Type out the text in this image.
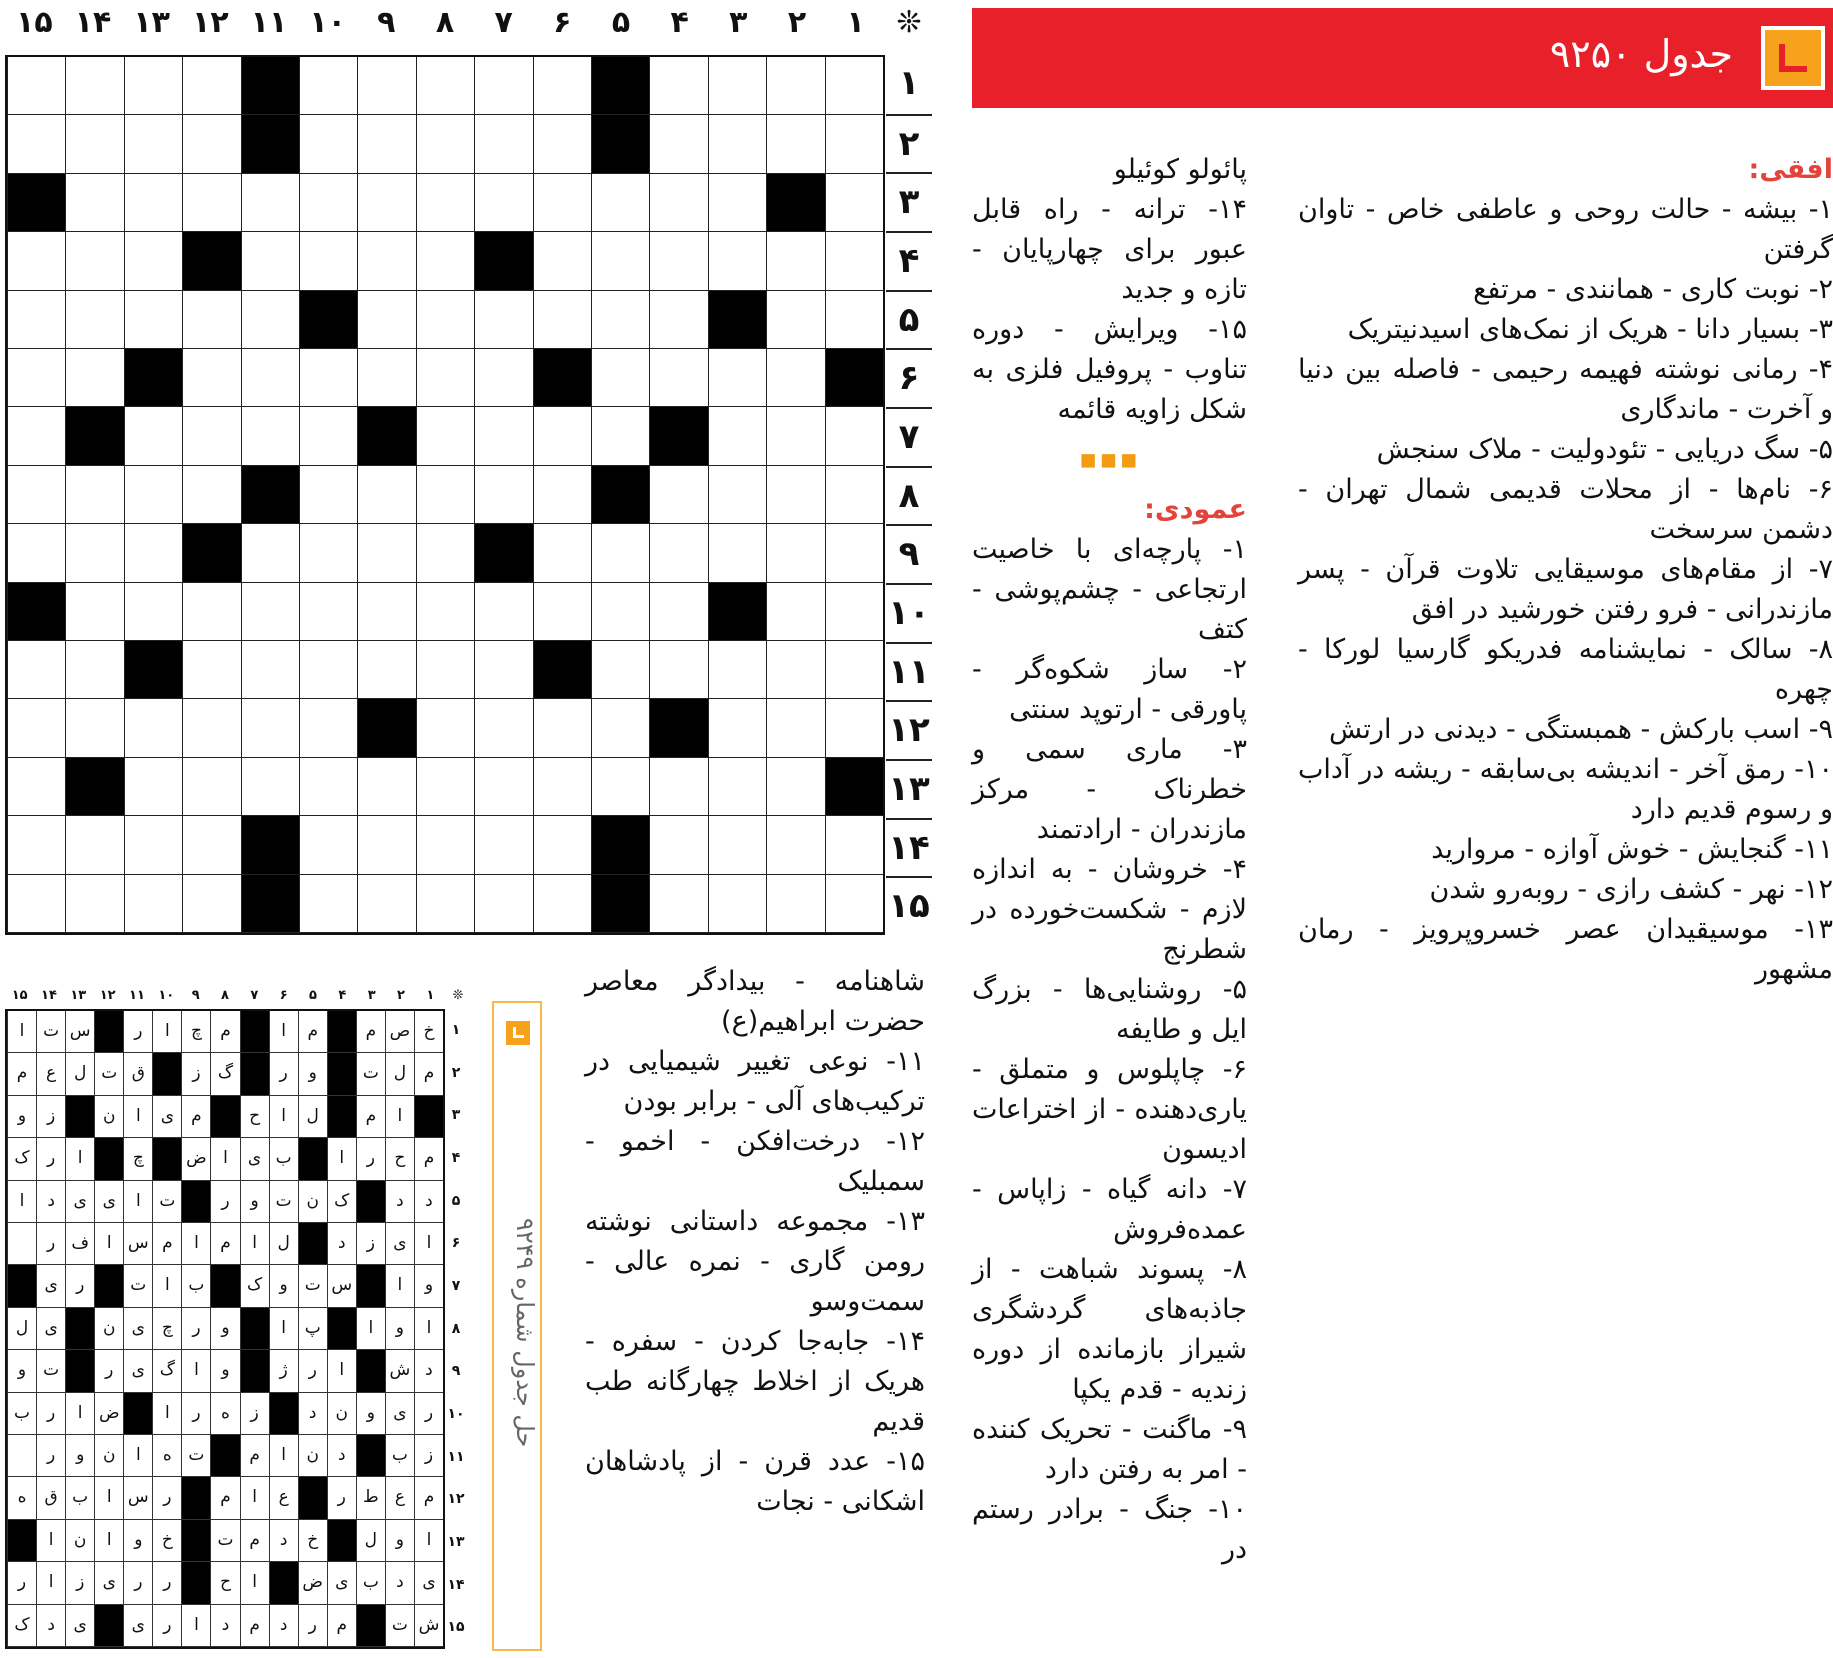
جدول ۹۲۵۰
❊
۱
۲
۳
۴
۵
۶
۷
۸
۹
۱۰
۱۱
۱۲
۱۳
۱۴
۱۵
۱
۲
۳
۴
۵
۶
۷
۸
۹
۱۰
۱۱
۱۲
۱۳
۱۴
۱۵

افقی:

۱- بیشه - حالت روحی و عاطفی خاص - تاوان گرفتن

۲- نوبت کاری - همانندی - مرتفع

۳- بسیار دانا - هریک از نمک‌های اسیدنیتریک

۴- رمانی نوشته فهیمه رحیمی - فاصله بین دنیا و آخرت - ماندگاری

۵- سگ دریایی - تئودولیت - ملاک سنجش

۶- نام‌ها - از محلات قدیمی شمال تهران - دشمن سرسخت

۷- از مقام‌های موسیقایی تلاوت قرآن - پسر مازندرانی - فرو رفتن خورشید در افق

۸- سالک - نمایشنامه فدریکو گارسیا لورکا - چهره

۹- اسب بارکش - همبستگی - دیدنی در ارتش

۱۰- رمق آخر - اندیشه بی‌سابقه - ریشه در آداب و رسوم قدیم دارد

۱۱- گنجایش - خوش آوازه - مروارید

۱۲- نهر - کشف رازی - روبه‌رو شدن

۱۳- موسیقیدان عصر خسروپرویز - رمان مشهور

پائولو کوئیلو

۱۴- ترانه - راه قابل عبور برای چهارپایان - تازه و جدید

۱۵- ویرایش - دوره تناوب - پروفیل فلزی به شکل زاویه قائمه

▪▪▪

عمودی:

۱- پارچه‌ای با خاصیت ارتجاعی - چشم‌پوشی - کتف

۲- ساز شکوه‌گر - پاورقی - ارتوپد سنتی

۳- ماری سمی و خطرناک - مرکز مازندران - ارادتمند

۴- خروشان - به اندازه لازم - شکست‌خورده در شطرنج

۵- روشنایی‌ها - بزرگ ایل و طایفه

۶- چاپلوس و متملق - یاری‌دهنده - از اختراعات ادیسون

۷- دانه گیاه - زاپاس - عمده‌فروش

۸- پسوند شباهت - از جاذبه‌های گردشگری شیراز بازمانده از دوره زندیه - قدم یکپا

۹- ماگنت - تحریک کننده - امر به رفتن دارد

۱۰- جنگ - برادر رستم در

شاهنامه - بیدادگر معاصر حضرت ابراهیم(ع)

۱۱- نوعی تغییر شیمیایی در ترکیب‌های آلی - برابر بودن

۱۲- درخت‌افکن - اخمو - سمبلیک

۱۳- مجموعه داستانی نوشته رومن گاری - نمره عالی - سمت‌وسو

۱۴- جابه‌جا کردن - سفره - هریک از اخلاط چهارگانه طب قدیم

۱۵- عدد قرن - از پادشاهان اشکانی - نجات

حل جدول شماره ۹۲۴۹
❊
۱
۲
۳
۴
۵
۶
۷
۸
۹
۱۰
۱۱
۱۲
۱۳
۱۴
۱۵
خ
ص
م
م
ا
م
چ
ا
ر
س
ت
ا
م
ل
ت
و
ر
گ
ز
ق
ت
ل
ع
م
ا
م
ل
ا
ح
م
ی
ا
ن
ز
و
م
ح
ر
ا
ب
ی
ا
ض
چ
ا
ر
ک
د
د
ک
ن
ت
و
ر
ت
ا
ی
ی
د
ا
ا
ی
ز
د
ل
ا
م
ا
م
س
ا
ف
ر
و
ا
س
ت
و
ک
ب
ا
ت
ر
ی
ا
و
ا
پ
ا
و
ر
چ
ی
ن
ی
ل
د
ش
ا
ر
ژ
و
ا
گ
ی
ر
ت
و
ر
ی
و
ن
د
ز
ه
ر
ا
ض
ا
ر
ب
ز
ب
د
ن
ا
م
ت
ه
ا
ن
و
ر
م
ع
ط
ر
ع
ا
م
ر
س
ا
ب
ق
ه
ا
و
ل
خ
د
م
ت
خ
و
ا
ن
ا
ی
د
ب
ی
ض
ا
ح
ر
ر
ی
ز
ا
ر
ش
ت
م
ر
د
م
د
ا
ر
ی
ی
د
ک
۱
۲
۳
۴
۵
۶
۷
۸
۹
۱۰
۱۱
۱۲
۱۳
۱۴
۱۵
